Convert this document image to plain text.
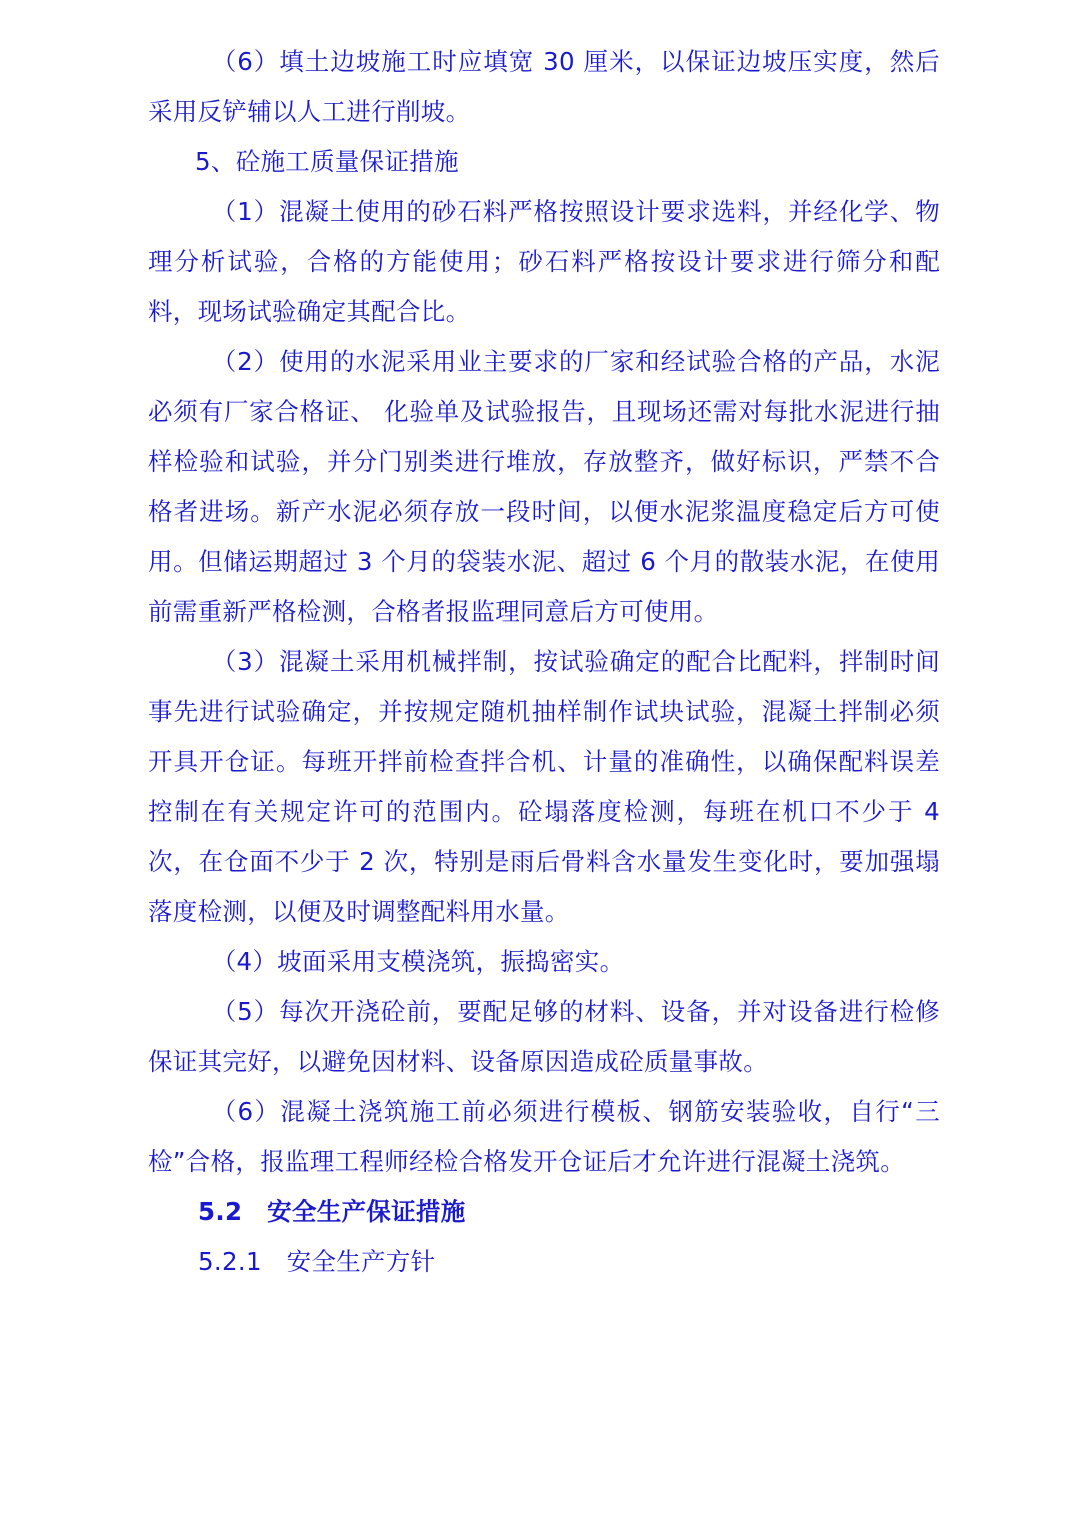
（6）填土边坡施工时应填宽 30 厘米，以保证边坡压实度，然后采用反铲辅以人工进行削坡。

5、砼施工质量保证措施

（1）混凝土使用的砂石料严格按照设计要求选料，并经化学、物理分析试验，合格的方能使用；砂石料严格按设计要求进行筛分和配料，现场试验确定其配合比。

（2）使用的水泥采用业主要求的厂家和经试验合格的产品，水泥必须有厂家合格证、 化验单及试验报告，且现场还需对每批水泥进行抽样检验和试验，并分门别类进行堆放，存放整齐，做好标识，严禁不合格者进场。新产水泥必须存放一段时间，以便水泥浆温度稳定后方可使用。但储运期超过 3 个月的袋装水泥、超过 6 个月的散装水泥，在使用前需重新严格检测，合格者报监理同意后方可使用。

（3）混凝土采用机械拌制，按试验确定的配合比配料，拌制时间事先进行试验确定，并按规定随机抽样制作试块试验，混凝土拌制必须开具开仓证。每班开拌前检查拌合机、计量的准确性，以确保配料误差控制在有关规定许可的范围内。砼塌落度检测，每班在机口不少于 4 次，在仓面不少于 2 次，特别是雨后骨料含水量发生变化时，要加强塌落度检测，以便及时调整配料用水量。

（4）坡面采用支模浇筑，振捣密实。

（5）每次开浇砼前，要配足够的材料、设备，并对设备进行检修保证其完好，以避免因材料、设备原因造成砼质量事故。

（6）混凝土浇筑施工前必须进行模板、钢筋安装验收，自行“三检”合格，报监理工程师经检合格发开仓证后才允许进行混凝土浇筑。

5.2　安全生产保证措施

5.2.1　安全生产方针
